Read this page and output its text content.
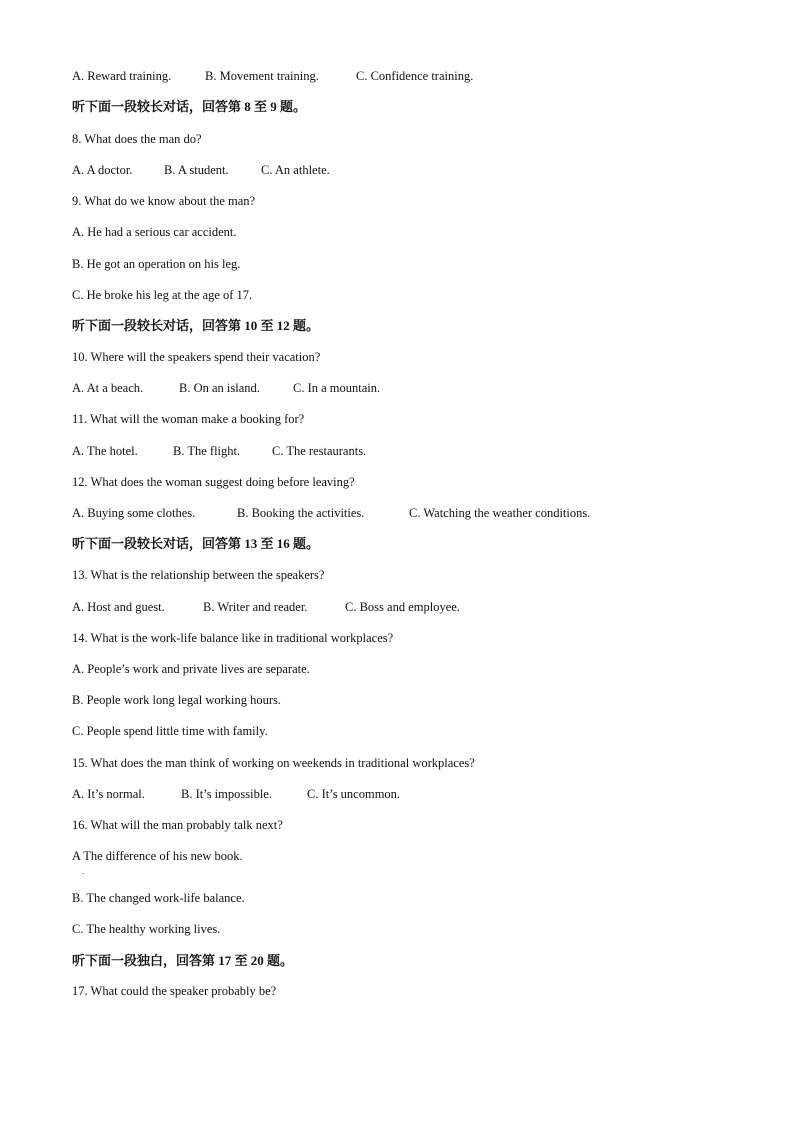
A. Reward training.	B. Movement training.	C. Confidence training.
听下面一段较长对话，回答第 8 至 9 题。
8. What does the man do?
A. A doctor.	B. A student.	C. An athlete.
9. What do we know about the man?
A. He had a serious car accident.
B. He got an operation on his leg.
C. He broke his leg at the age of 17.
听下面一段较长对话，回答第 10 至 12 题。
10. Where will the speakers spend their vacation?
A. At a beach.	B. On an island.	C. In a mountain.
11. What will the woman make a booking for?
A. The hotel.	B. The flight.	C. The restaurants.
12. What does the woman suggest doing before leaving?
A. Buying some clothes.	B. Booking the activities.	C. Watching the weather conditions.
听下面一段较长对话，回答第 13 至 16 题。
13. What is the relationship between the speakers?
A. Host and guest.	B. Writer and reader.	C. Boss and employee.
14. What is the work-life balance like in traditional workplaces?
A. People’s work and private lives are separate.
B. People work long legal working hours.
C. People spend little time with family.
15. What does the man think of working on weekends in traditional workplaces?
A. It’s normal.	B. It’s impossible.	C. It’s uncommon.
16. What will the man probably talk next?
A The difference of his new book.
.
B. The changed work-life balance.
C. The healthy working lives.
听下面一段独白，回答第 17 至 20 题。
17. What could the speaker probably be?
